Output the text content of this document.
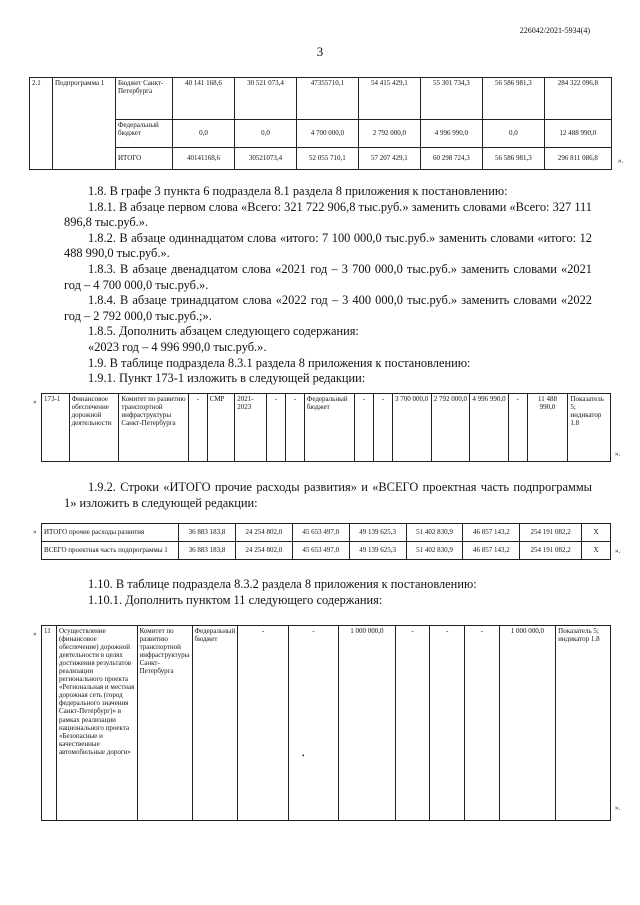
226042/2021-5934(4)
3
2.1	Подпрограмма 1	Бюджет Санкт-Петербурга	40 141 168,6	30 521 073,4	47355710,1	54 415 429,1	55 301 734,3	56 586 981,3	284 322 096,8
		Федеральный бюджет	0,0	0,0	4 700 000,0	2 792 000,0	4 996 990,0	0,0	12 488 990,0
		ИТОГО	40141168,6	30521073,4	52 055 710,1	57 207 429,1	60 298 724,3	56 586 981,3	296 811 086,8	».

1.8. В графе 3 пункта 6 подраздела 8.1 раздела 8 приложения к постановлению:

1.8.1. В абзаце первом слова «Всего: 321 722 906,8 тыс.руб.» заменить словами «Всего: 327 111 896,8 тыс.руб.».

1.8.2. В абзаце одиннадцатом слова «итого: 7 100 000,0 тыс.руб.» заменить словами «итого: 12 488 990,0 тыс.руб.».

1.8.3. В абзаце двенадцатом слова «2021 год – 3 700 000,0 тыс.руб.» заменить словами «2021 год – 4 700 000,0 тыс.руб.».

1.8.4. В абзаце тринадцатом слова «2022 год – 3 400 000,0 тыс.руб.» заменить словами «2022 год – 2 792 000,0 тыс.руб.;».

1.8.5. Дополнить абзацем следующего содержания:

«2023 год – 4 996 990,0 тыс.руб.».

1.9. В таблице подраздела 8.3.1 раздела 8 приложения к постановлению:

1.9.1. Пункт 173-1 изложить в следующей редакции:

« 173-1	Финансовое обеспечение дорожной деятельности	Комитет по развитию транспортной инфраструктуры Санкт-Петербурга	-	СМР	2021-2023	-	-	Федеральный бюджет	-	-	3 700 000,0	2 792 000,0	4 996 990,0	-	11 488 990,0	Показатель 5; индикатор 1.8
».

1.9.2. Строки «ИТОГО прочие расходы развития» и «ВСЕГО проектная часть подпрограммы 1» изложить в следующей редакции:

« ИТОГО прочие расходы развития	36 883 183,8	24 254 802,0	45 653 497,0	49 139 625,3	51 402 830,9	46 857 143,2	254 191 082,2	X
ВСЕГО проектная часть подпрограммы 1	36 883 183,8	24 254 802,0	45 653 497,0	49 139 625,3	51 402 830,9	46 857 143,2	254 191 082,2	X ».

1.10. В таблице подраздела 8.3.2 раздела 8 приложения к постановлению:

1.10.1. Дополнить пунктом 11 следующего содержания:

« 11	Осуществление (финансовое обеспечение) дорожной деятельности в целях достижения результатов реализации регионального проекта «Региональная и местная дорожная сеть (город федерального значения Санкт-Петербург)» в рамках реализации национального проекта «Безопасные и качественные автомобильные дороги»	Комитет по развитию транспортной инфраструктуры Санкт-Петербурга	Федеральный бюджет	-	-	1 000 000,0	-	-	-	1 000 000,0	Показатель 5; индикатор 1.8
•
».
